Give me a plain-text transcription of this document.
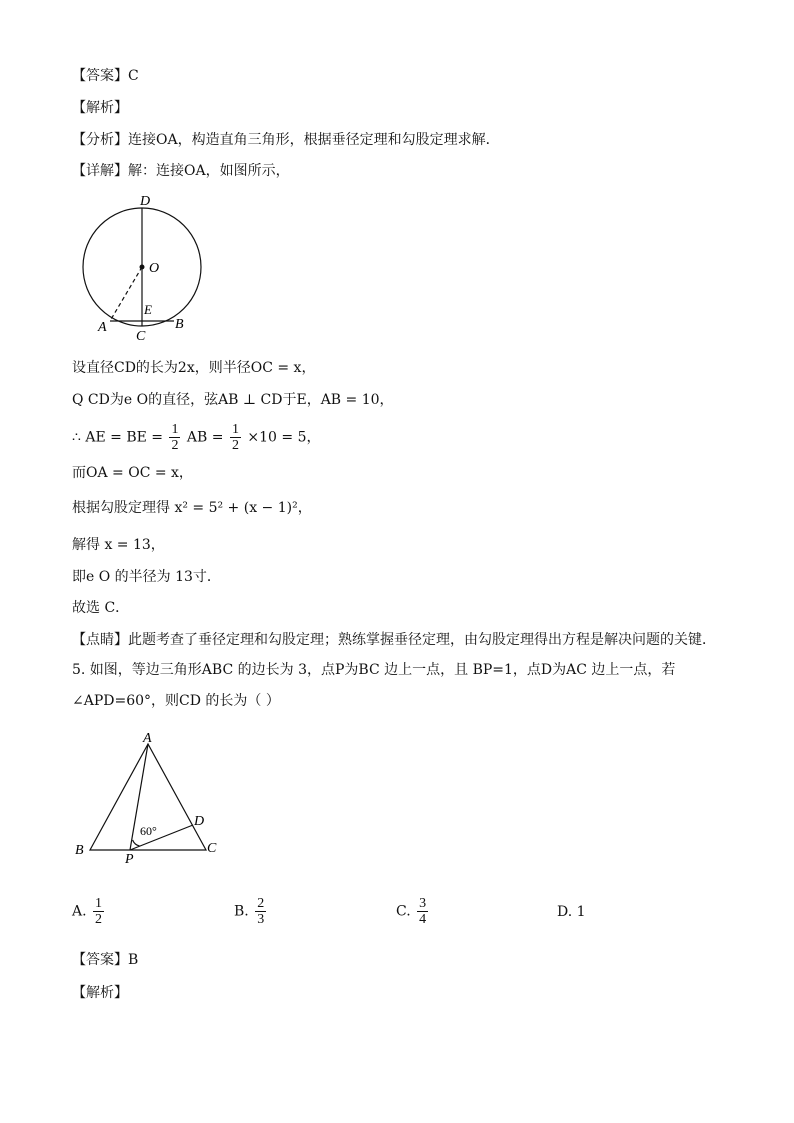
【答案】C
【解析】
【分析】连接OA，构造直角三角形，根据垂径定理和勾股定理求解．
【详解】解：连接OA，如图所示，
D
O
E
A	B
C
设直径CD的长为2x，则半径OC = x，
Q CD为e O的直径，弦AB ⊥ CD于E，AB = 10，
∴ AE = BE = $\frac{1}{2}$ AB = $\frac{1}{2} \times 10 = 5$，
而OA = OC = x，
根据勾股定理得 x² = 5² + (x − 1)²，
解得 x = 13，
即e O 的半径为 13寸．
故选 C．
【点睛】此题考查了垂径定理和勾股定理；熟练掌握垂径定理，由勾股定理得出方程是解决问题的关键．
5. 如图，等边三角形ABC 的边长为 3，点P为BC 边上一点，且 BP=1，点D为AC 边上一点，若
∠APD=60°，则CD 的长为（ ）
A
B	C
D
P
60°
A. $\frac{1}{2}$	B. $\frac{2}{3}$	C. $\frac{3}{4}$	D. 1
【答案】B
【解析】
